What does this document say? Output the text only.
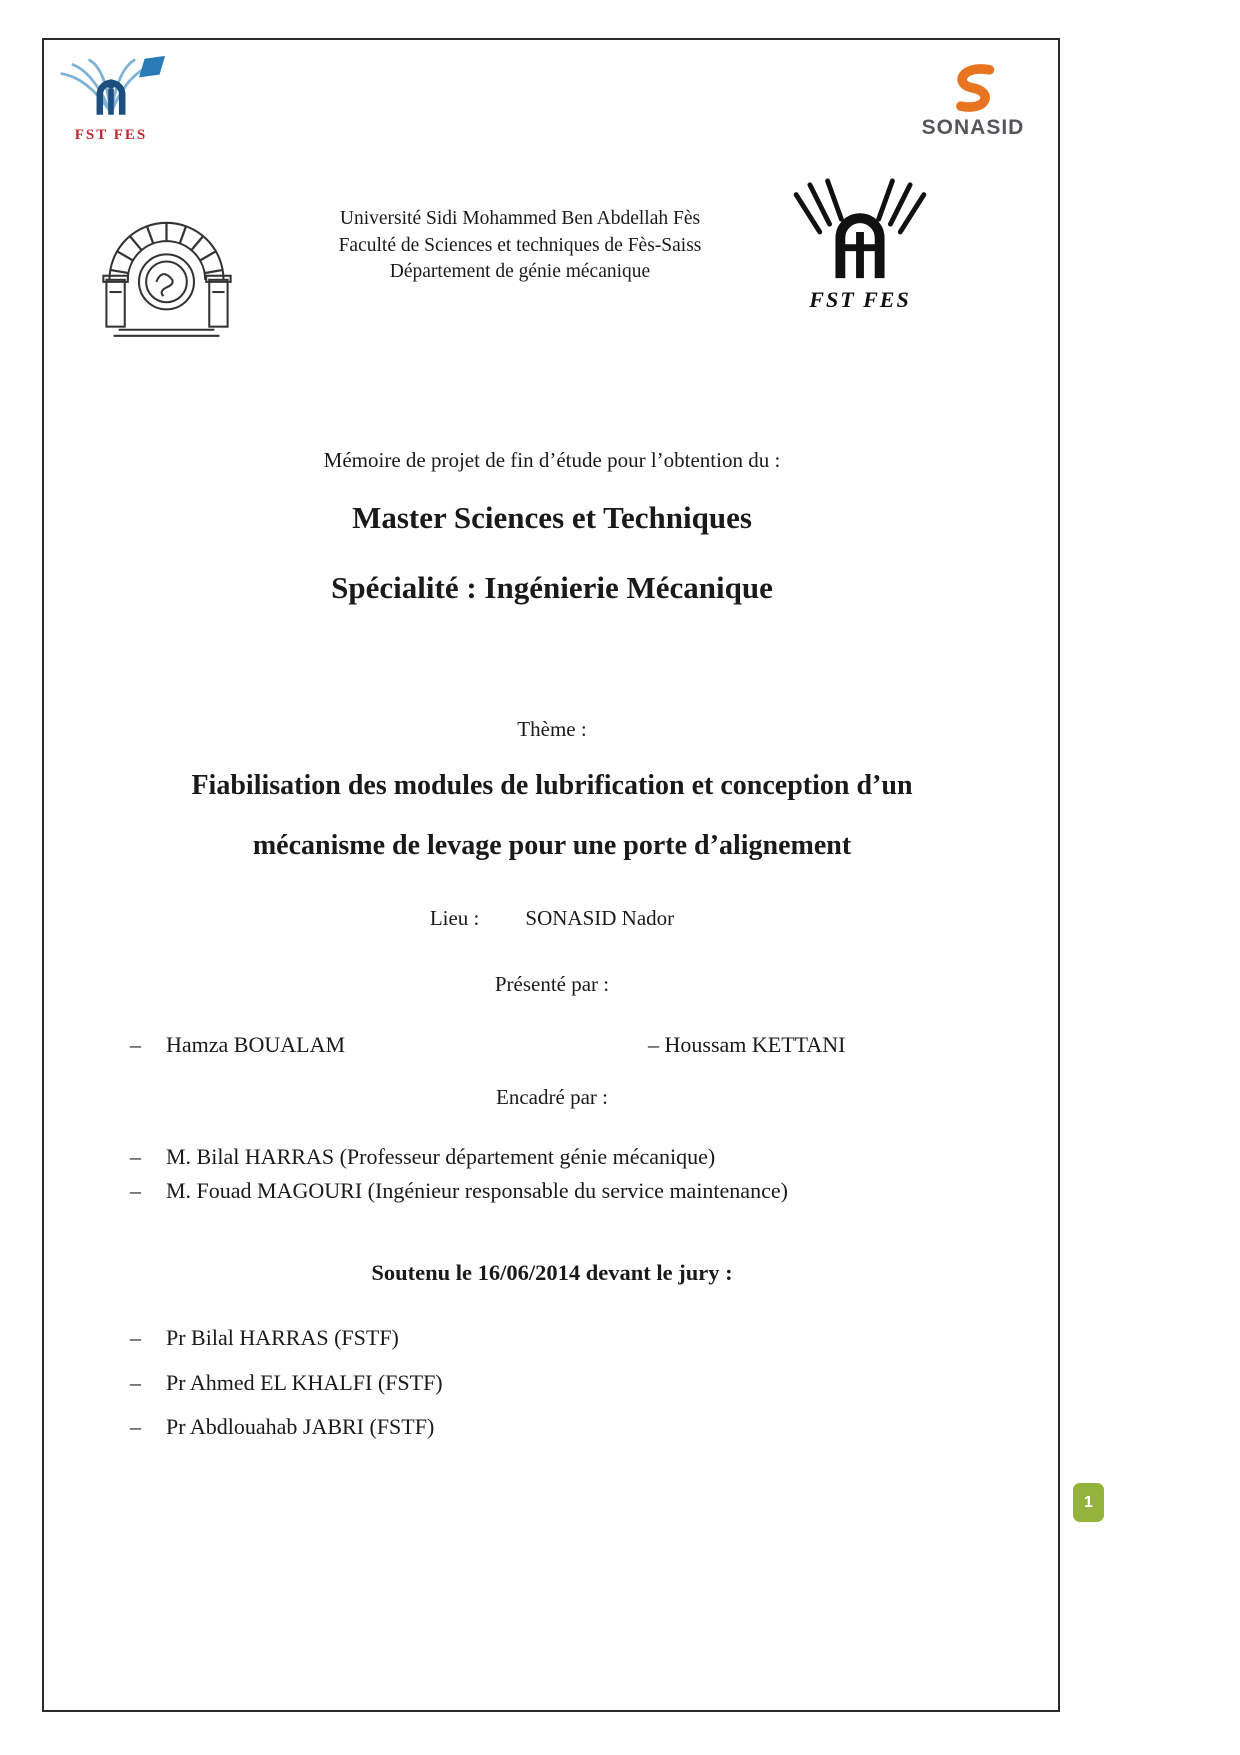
FST FES	SONASID
Université Sidi Mohammed Ben Abdellah Fès
Faculté de Sciences et techniques de Fès-Saiss
Département de génie mécanique
FST FES
Mémoire de projet de fin d’étude pour l’obtention du :
Master Sciences et Techniques
Spécialité : Ingénierie Mécanique
Thème :
Fiabilisation des modules de lubrification et conception d’un
mécanisme de levage pour une porte d’alignement
Lieu : SONASID Nador
Présenté par :
– Hamza BOUALAM	– Houssam KETTANI
Encadré par :
– M. Bilal HARRAS (Professeur département génie mécanique)
– M. Fouad MAGOURI (Ingénieur responsable du service maintenance)
Soutenu le 16/06/2014 devant le jury :
– Pr Bilal HARRAS (FSTF)
– Pr Ahmed EL KHALFI (FSTF)
– Pr Abdlouahab JABRI (FSTF)
1
